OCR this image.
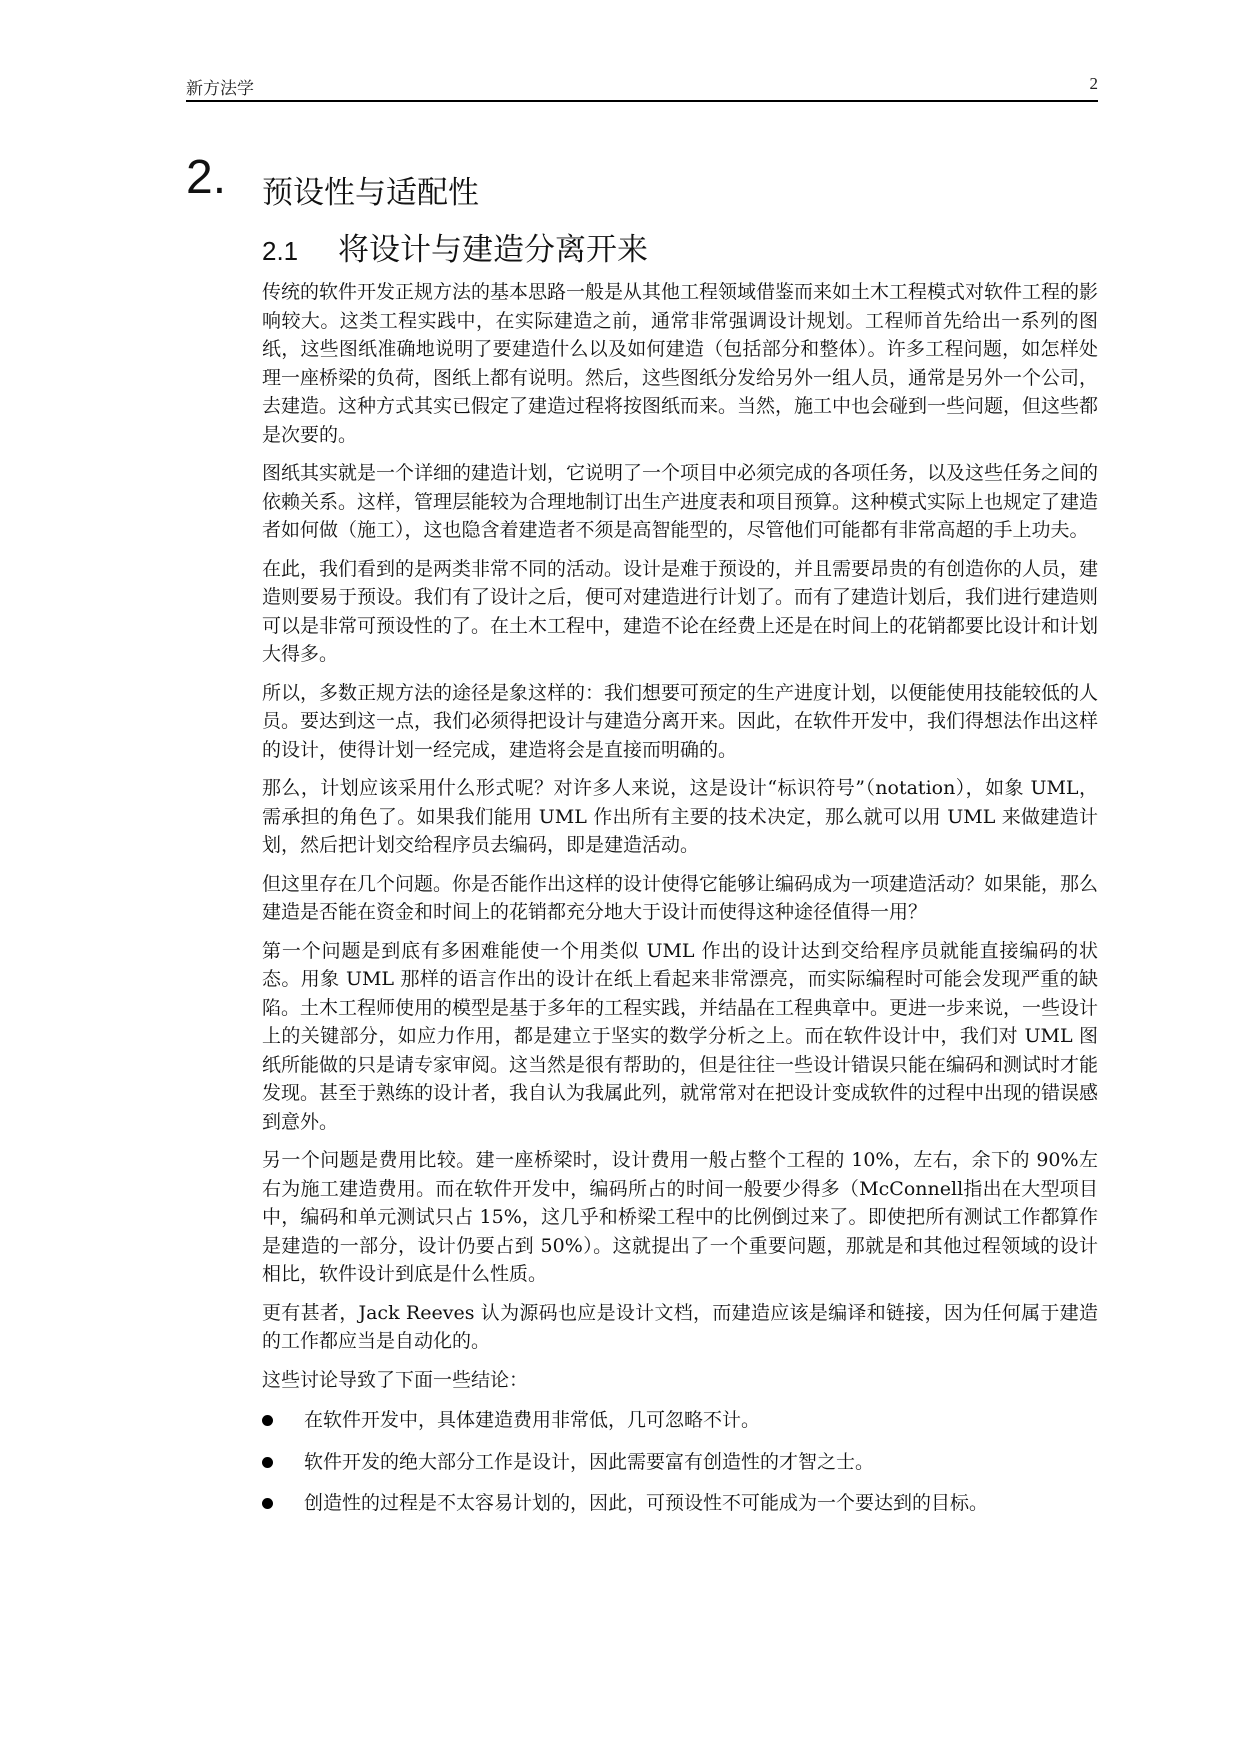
新方法学	2
2. 预设性与适配性
2.1 将设计与建造分离开来

传统的软件开发正规方法的基本思路一般是从其他工程领域借鉴而来如土木工程模式对软件工程的影响较大。这类工程实践中，在实际建造之前，通常非常强调设计规划。工程师首先给出一系列的图纸，这些图纸准确地说明了要建造什么以及如何建造（包括部分和整体）。许多工程问题，如怎样处理一座桥梁的负荷，图纸上都有说明。然后，这些图纸分发给另外一组人员，通常是另外一个公司，去建造。这种方式其实已假定了建造过程将按图纸而来。当然，施工中也会碰到一些问题，但这些都是次要的。

图纸其实就是一个详细的建造计划，它说明了一个项目中必须完成的各项任务，以及这些任务之间的依赖关系。这样，管理层能较为合理地制订出生产进度表和项目预算。这种模式实际上也规定了建造者如何做（施工），这也隐含着建造者不须是高智能型的，尽管他们可能都有非常高超的手上功夫。

在此，我们看到的是两类非常不同的活动。设计是难于预设的，并且需要昂贵的有创造你的人员，建造则要易于预设。我们有了设计之后，便可对建造进行计划了。而有了建造计划后，我们进行建造则可以是非常可预设性的了。在土木工程中，建造不论在经费上还是在时间上的花销都要比设计和计划大得多。

所以，多数正规方法的途径是象这样的：我们想要可预定的生产进度计划，以便能使用技能较低的人员。要达到这一点，我们必须得把设计与建造分离开来。因此，在软件开发中，我们得想法作出这样的设计，使得计划一经完成，建造将会是直接而明确的。

那么，计划应该采用什么形式呢？对许多人来说，这是设计“标识符号”（notation），如象 UML，需承担的角色了。如果我们能用 UML 作出所有主要的技术决定，那么就可以用 UML 来做建造计划，然后把计划交给程序员去编码，即是建造活动。

但这里存在几个问题。你是否能作出这样的设计使得它能够让编码成为一项建造活动？如果能，那么建造是否能在资金和时间上的花销都充分地大于设计而使得这种途径值得一用？

第一个问题是到底有多困难能使一个用类似 UML 作出的设计达到交给程序员就能直接编码的状态。用象 UML 那样的语言作出的设计在纸上看起来非常漂亮，而实际编程时可能会发现严重的缺陷。土木工程师使用的模型是基于多年的工程实践，并结晶在工程典章中。更进一步来说，一些设计上的关键部分，如应力作用，都是建立于坚实的数学分析之上。而在软件设计中，我们对 UML 图纸所能做的只是请专家审阅。这当然是很有帮助的，但是往往一些设计错误只能在编码和测试时才能发现。甚至于熟练的设计者，我自认为我属此列，就常常对在把设计变成软件的过程中出现的错误感到意外。

另一个问题是费用比较。建一座桥梁时，设计费用一般占整个工程的 10%，左右，余下的 90%左右为施工建造费用。而在软件开发中，编码所占的时间一般要少得多（McConnell指出在大型项目中，编码和单元测试只占 15%，这几乎和桥梁工程中的比例倒过来了。即使把所有测试工作都算作是建造的一部分，设计仍要占到 50%）。这就提出了一个重要问题，那就是和其他过程领域的设计相比，软件设计到底是什么性质。

更有甚者，Jack Reeves 认为源码也应是设计文档，而建造应该是编译和链接，因为任何属于建造的工作都应当是自动化的。

这些讨论导致了下面一些结论：

在软件开发中，具体建造费用非常低，几可忽略不计。
软件开发的绝大部分工作是设计，因此需要富有创造性的才智之士。
创造性的过程是不太容易计划的，因此，可预设性不可能成为一个要达到的目标。
